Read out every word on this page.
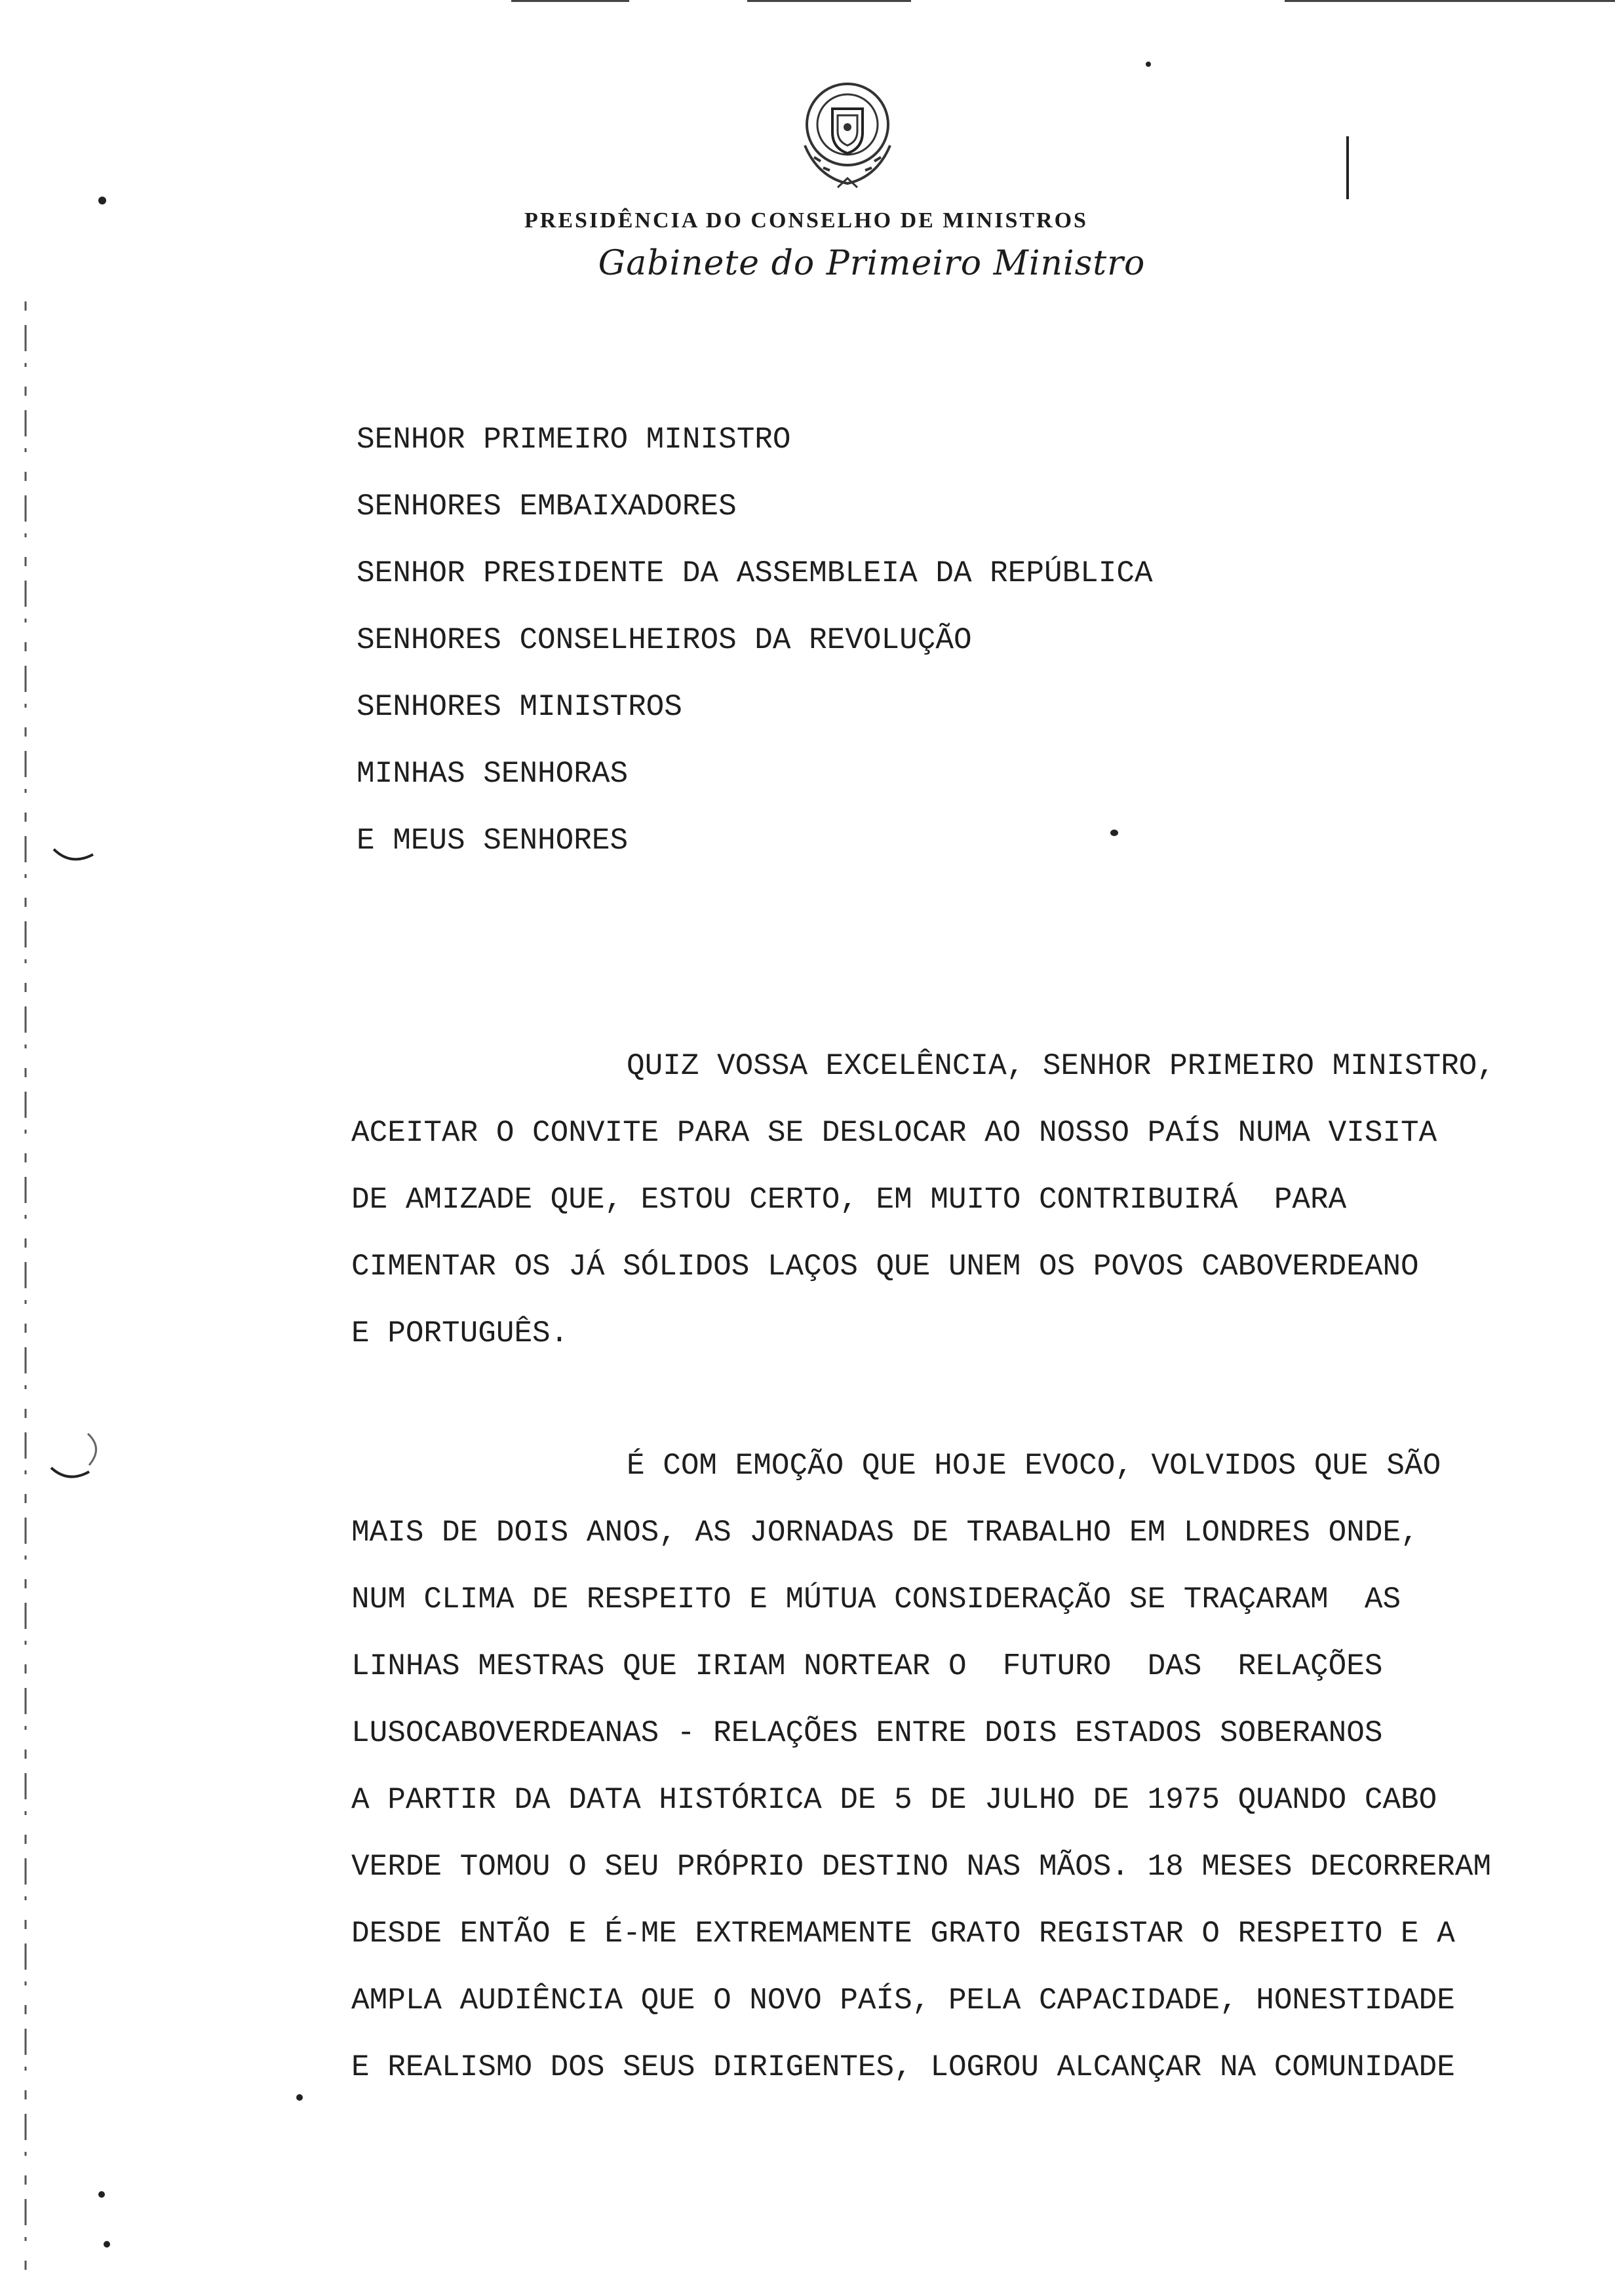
PRESIDÊNCIA DO CONSELHO DE MINISTROS
Gabinete do Primeiro Ministro
SENHOR PRIMEIRO MINISTRO
SENHORES EMBAIXADORES
SENHOR PRESIDENTE DA ASSEMBLEIA DA REPÚBLICA
SENHORES CONSELHEIROS DA REVOLUÇÃO
SENHORES MINISTROS
MINHAS SENHORAS
E MEUS SENHORES

QUIZ VOSSA EXCELÊNCIA, SENHOR PRIMEIRO MINISTRO,
ACEITAR O CONVITE PARA SE DESLOCAR AO NOSSO PAÍS NUMA VISITA
DE AMIZADE QUE, ESTOU CERTO, EM MUITO CONTRIBUIRÁ  PARA
CIMENTAR OS JÁ SÓLIDOS LAÇOS QUE UNEM OS POVOS CABOVERDEANO
E PORTUGUÊS.

É COM EMOÇÃO QUE HOJE EVOCO, VOLVIDOS QUE SÃO
MAIS DE DOIS ANOS, AS JORNADAS DE TRABALHO EM LONDRES ONDE,
NUM CLIMA DE RESPEITO E MÚTUA CONSIDERAÇÃO SE TRAÇARAM  AS
LINHAS MESTRAS QUE IRIAM NORTEAR O  FUTURO  DAS  RELAÇÕES
LUSOCABOVERDEANAS - RELAÇÕES ENTRE DOIS ESTADOS SOBERANOS
A PARTIR DA DATA HISTÓRICA DE 5 DE JULHO DE 1975 QUANDO CABO
VERDE TOMOU O SEU PRÓPRIO DESTINO NAS MÃOS. 18 MESES DECORRERAM
DESDE ENTÃO E É-ME EXTREMAMENTE GRATO REGISTAR O RESPEITO E A
AMPLA AUDIÊNCIA QUE O NOVO PAÍS, PELA CAPACIDADE, HONESTIDADE
E REALISMO DOS SEUS DIRIGENTES, LOGROU ALCANÇAR NA COMUNIDADE
